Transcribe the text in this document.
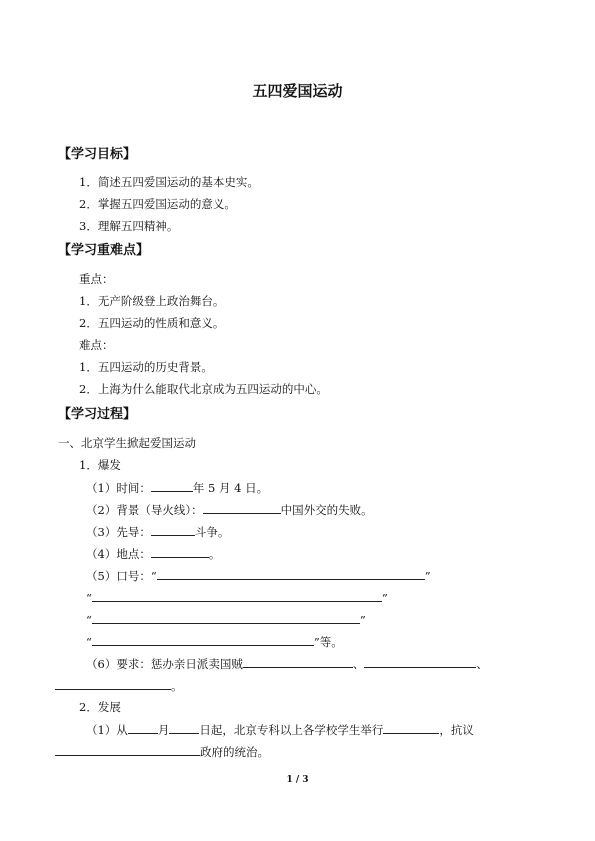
五四爱国运动
【学习目标】
1．简述五四爱国运动的基本史实。
2．掌握五四爱国运动的意义。
3．理解五四精神。
【学习重难点】
重点：
1．无产阶级登上政治舞台。
2．五四运动的性质和意义。
难点：
1．五四运动的历史背景。
2．上海为什么能取代北京成为五四运动的中心。
【学习过程】
一、北京学生掀起爱国运动
1．爆发
（1）时间：	年 5 月 4 日。
（2）背景（导火线）：	中国外交的失败。
（3）先导：	斗争。
（4）地点：	。
（5）口号：“	”
“	”
“	”
“	”等。
（6）要求：惩办亲日派卖国贼	、	、
。
2．发展
（1）从	月	日起，北京专科以上各学校学生举行	，抗议
政府的统治。
1 / 3
